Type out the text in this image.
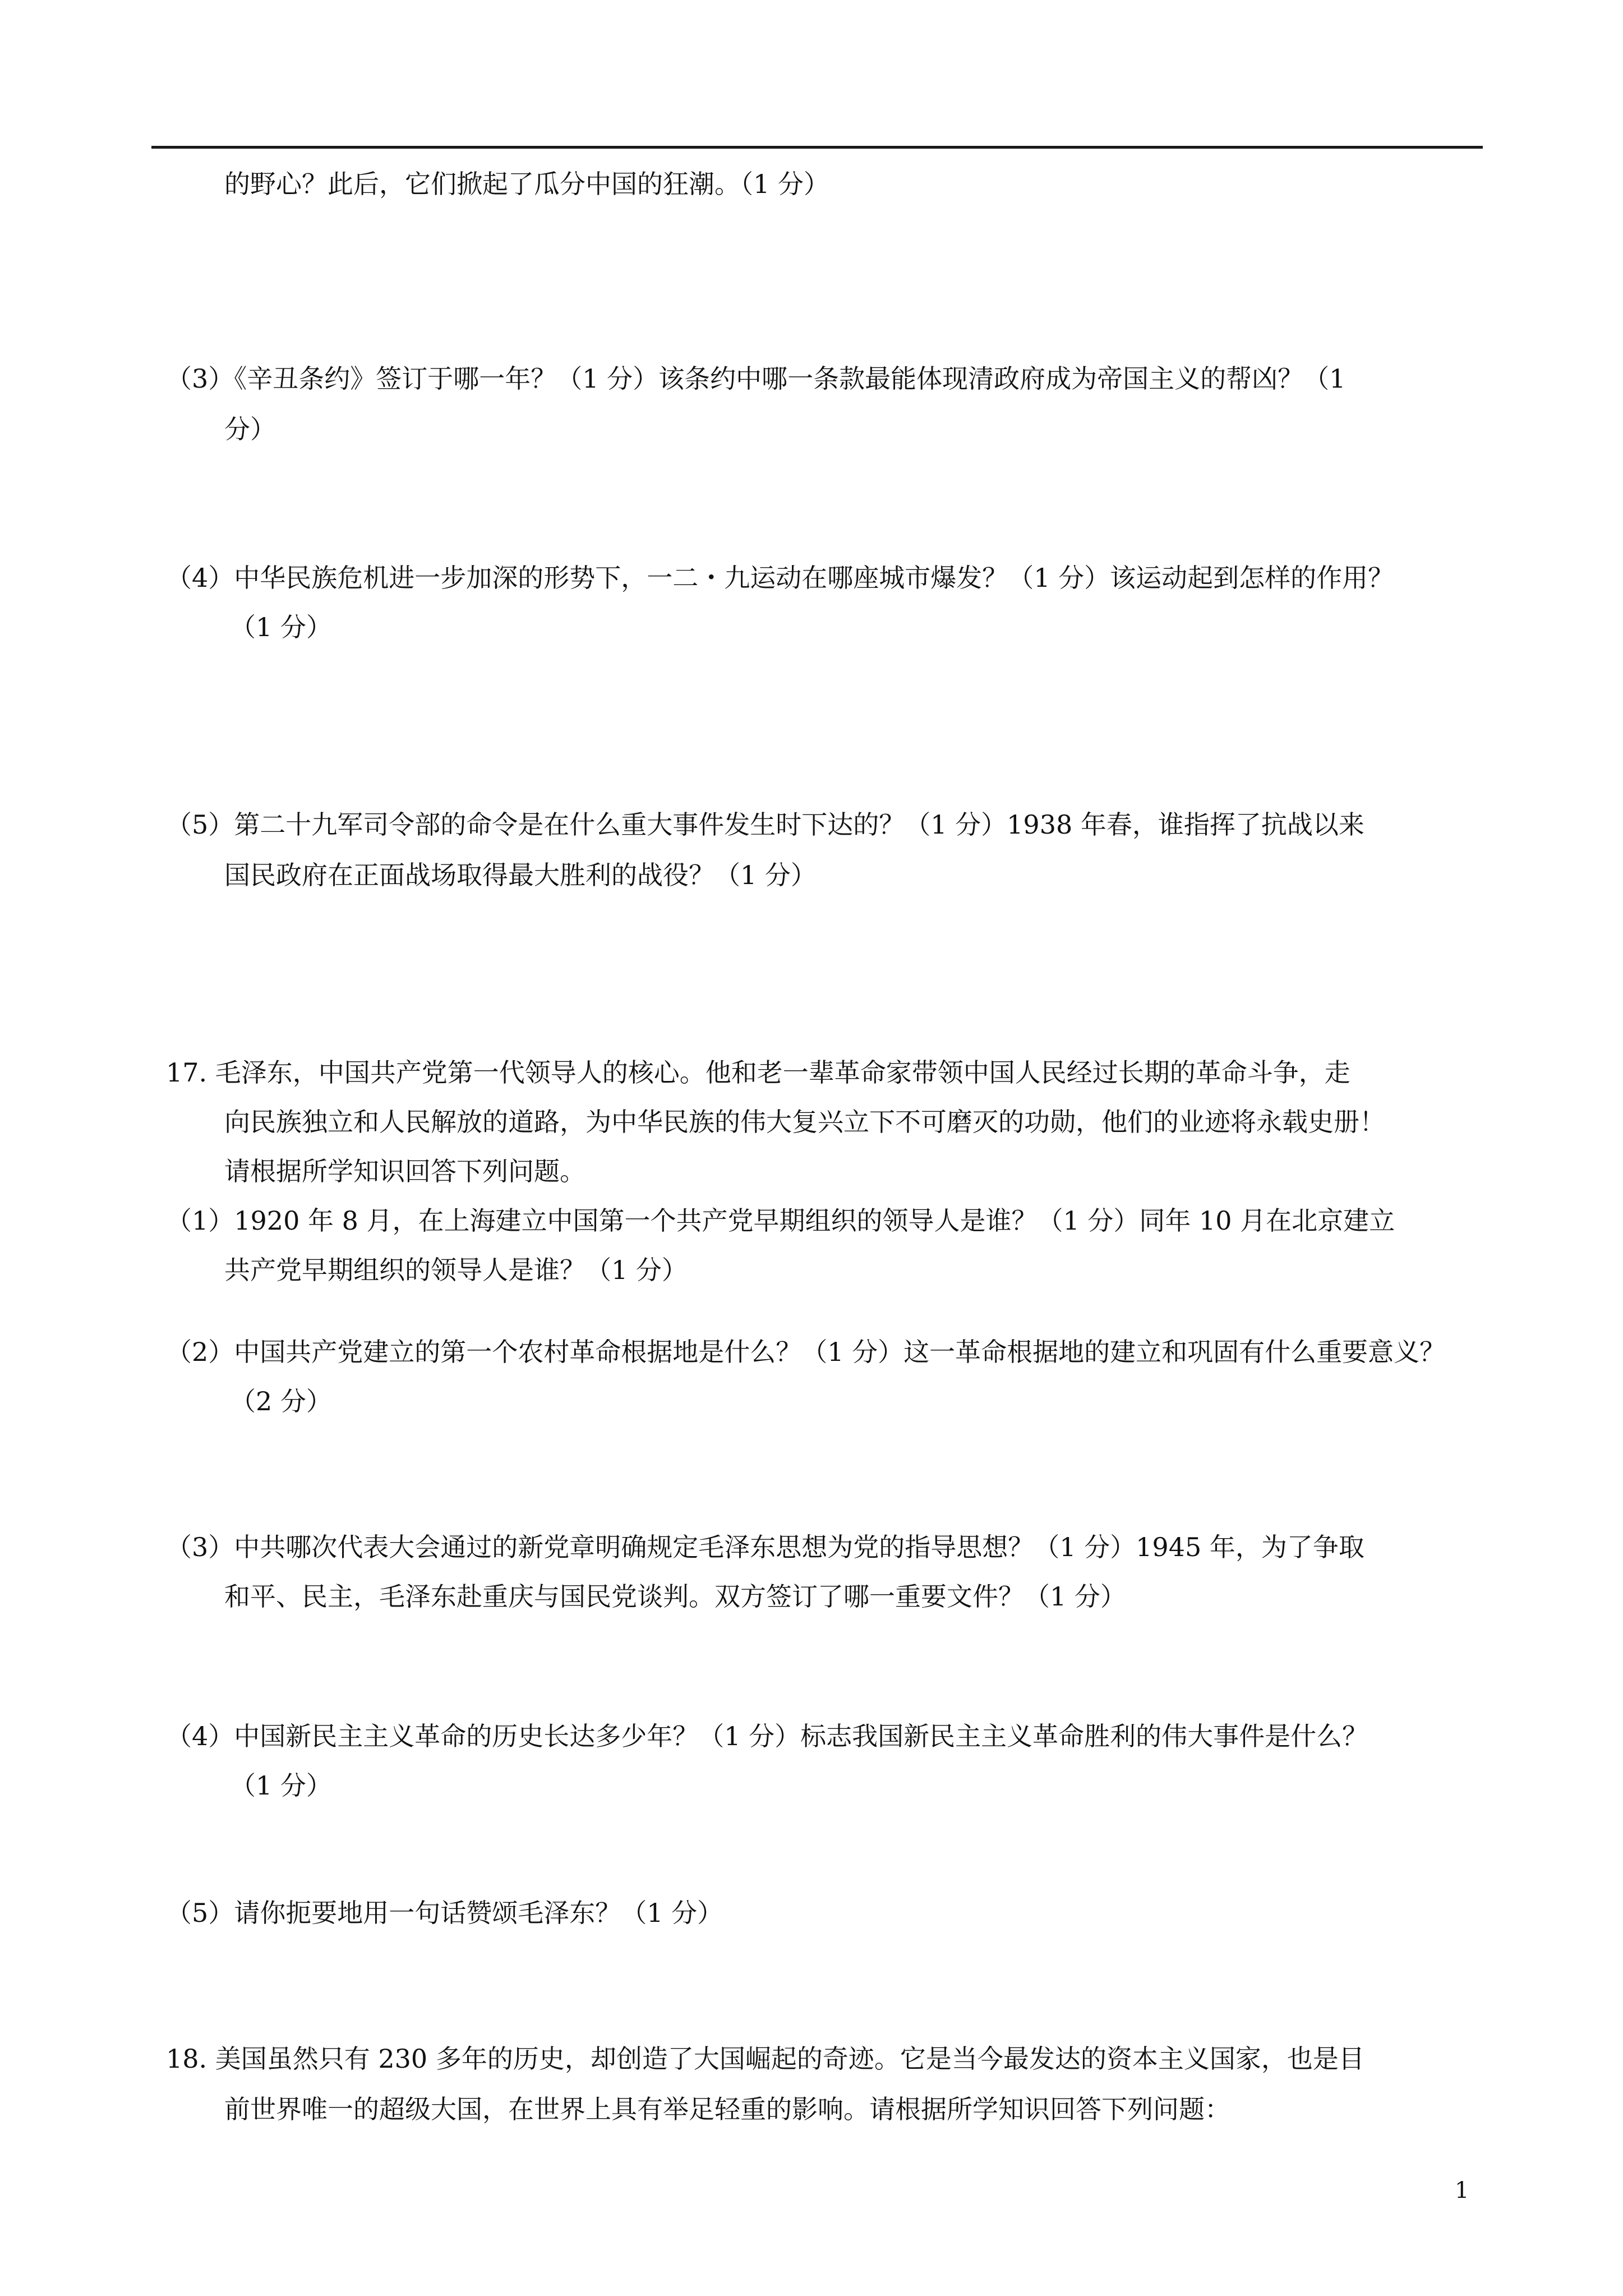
的野心？此后，它们掀起了瓜分中国的狂潮。（1 分）
（3）《辛丑条约》签订于哪一年？（1 分）该条约中哪一条款最能体现清政府成为帝国主义的帮凶？（1
分）
（4）中华民族危机进一步加深的形势下，一二・九运动在哪座城市爆发？（1 分）该运动起到怎样的作用？
（1 分）
（5）第二十九军司令部的命令是在什么重大事件发生时下达的？（1 分）1938 年春，谁指挥了抗战以来
国民政府在正面战场取得最大胜利的战役？（1 分）
17. 毛泽东，中国共产党第一代领导人的核心。他和老一辈革命家带领中国人民经过长期的革命斗争，走
向民族独立和人民解放的道路，为中华民族的伟大复兴立下不可磨灭的功勋，他们的业迹将永载史册！
请根据所学知识回答下列问题。
（1）1920 年 8 月，在上海建立中国第一个共产党早期组织的领导人是谁？（1 分）同年 10 月在北京建立
共产党早期组织的领导人是谁？（1 分）
（2）中国共产党建立的第一个农村革命根据地是什么？（1 分）这一革命根据地的建立和巩固有什么重要意义？
（2 分）
（3）中共哪次代表大会通过的新党章明确规定毛泽东思想为党的指导思想？（1 分）1945 年，为了争取
和平、民主，毛泽东赴重庆与国民党谈判。双方签订了哪一重要文件？（1 分）
（4）中国新民主主义革命的历史长达多少年？（1 分）标志我国新民主主义革命胜利的伟大事件是什么？
（1 分）
（5）请你扼要地用一句话赞颂毛泽东？（1 分）
18. 美国虽然只有 230 多年的历史，却创造了大国崛起的奇迹。它是当今最发达的资本主义国家，也是目
前世界唯一的超级大国，在世界上具有举足轻重的影响。请根据所学知识回答下列问题：
1
